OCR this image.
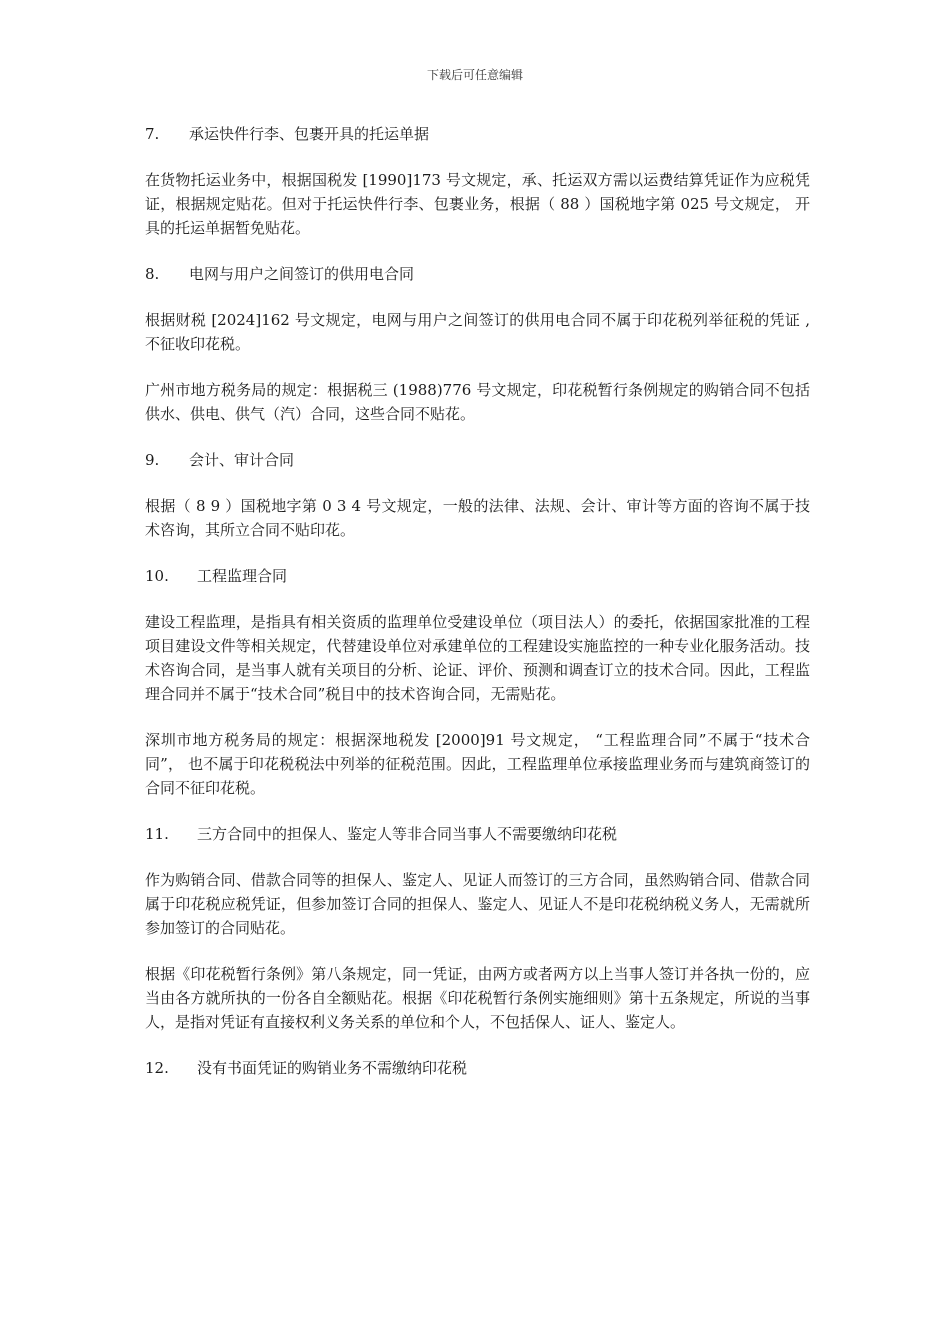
下载后可任意编辑
7. 承运快件行李、包裹开具的托运单据

在货物托运业务中，根据国税发 [1990]173 号文规定，承、托运双方需以运费结算凭证作为应税凭证，根据规定贴花。但对于托运快件行李、包裹业务，根据（ 88 ）国税地字第 025 号文规定， 开具的托运单据暂免贴花。

8. 电网与用户之间签订的供用电合同

根据财税 [2024]162 号文规定，电网与用户之间签订的供用电合同不属于印花税列举征税的凭证 ,不征收印花税。

广州市地方税务局的规定：根据税三 (1988)776 号文规定，印花税暂行条例规定的购销合同不包括供水、供电、供气（汽）合同，这些合同不贴花。

9. 会计、审计合同

根据（ 8 9 ）国税地字第 0 3 4 号文规定，一般的法律、法规、会计、审计等方面的咨询不属于技术咨询，其所立合同不贴印花。

10. 工程监理合同

建设工程监理，是指具有相关资质的监理单位受建设单位（项目法人）的委托，依据国家批准的工程项目建设文件等相关规定，代替建设单位对承建单位的工程建设实施监控的一种专业化服务活动。技术咨询合同，是当事人就有关项目的分析、论证、评价、预测和调查订立的技术合同。因此，工程监理合同并不属于“技术合同”税目中的技术咨询合同，无需贴花。

深圳市地方税务局的规定：根据深地税发 [2000]91 号文规定， “工程监理合同”不属于“技术合同”， 也不属于印花税税法中列举的征税范围。因此，工程监理单位承接监理业务而与建筑商签订的合同不征印花税。

11. 三方合同中的担保人、鉴定人等非合同当事人不需要缴纳印花税

作为购销合同、借款合同等的担保人、鉴定人、见证人而签订的三方合同，虽然购销合同、借款合同属于印花税应税凭证，但参加签订合同的担保人、鉴定人、见证人不是印花税纳税义务人，无需就所参加签订的合同贴花。

根据《印花税暂行条例》第八条规定，同一凭证，由两方或者两方以上当事人签订并各执一份的，应当由各方就所执的一份各自全额贴花。根据《印花税暂行条例实施细则》第十五条规定，所说的当事人，是指对凭证有直接权利义务关系的单位和个人，不包括保人、证人、鉴定人。

12. 没有书面凭证的购销业务不需缴纳印花税
